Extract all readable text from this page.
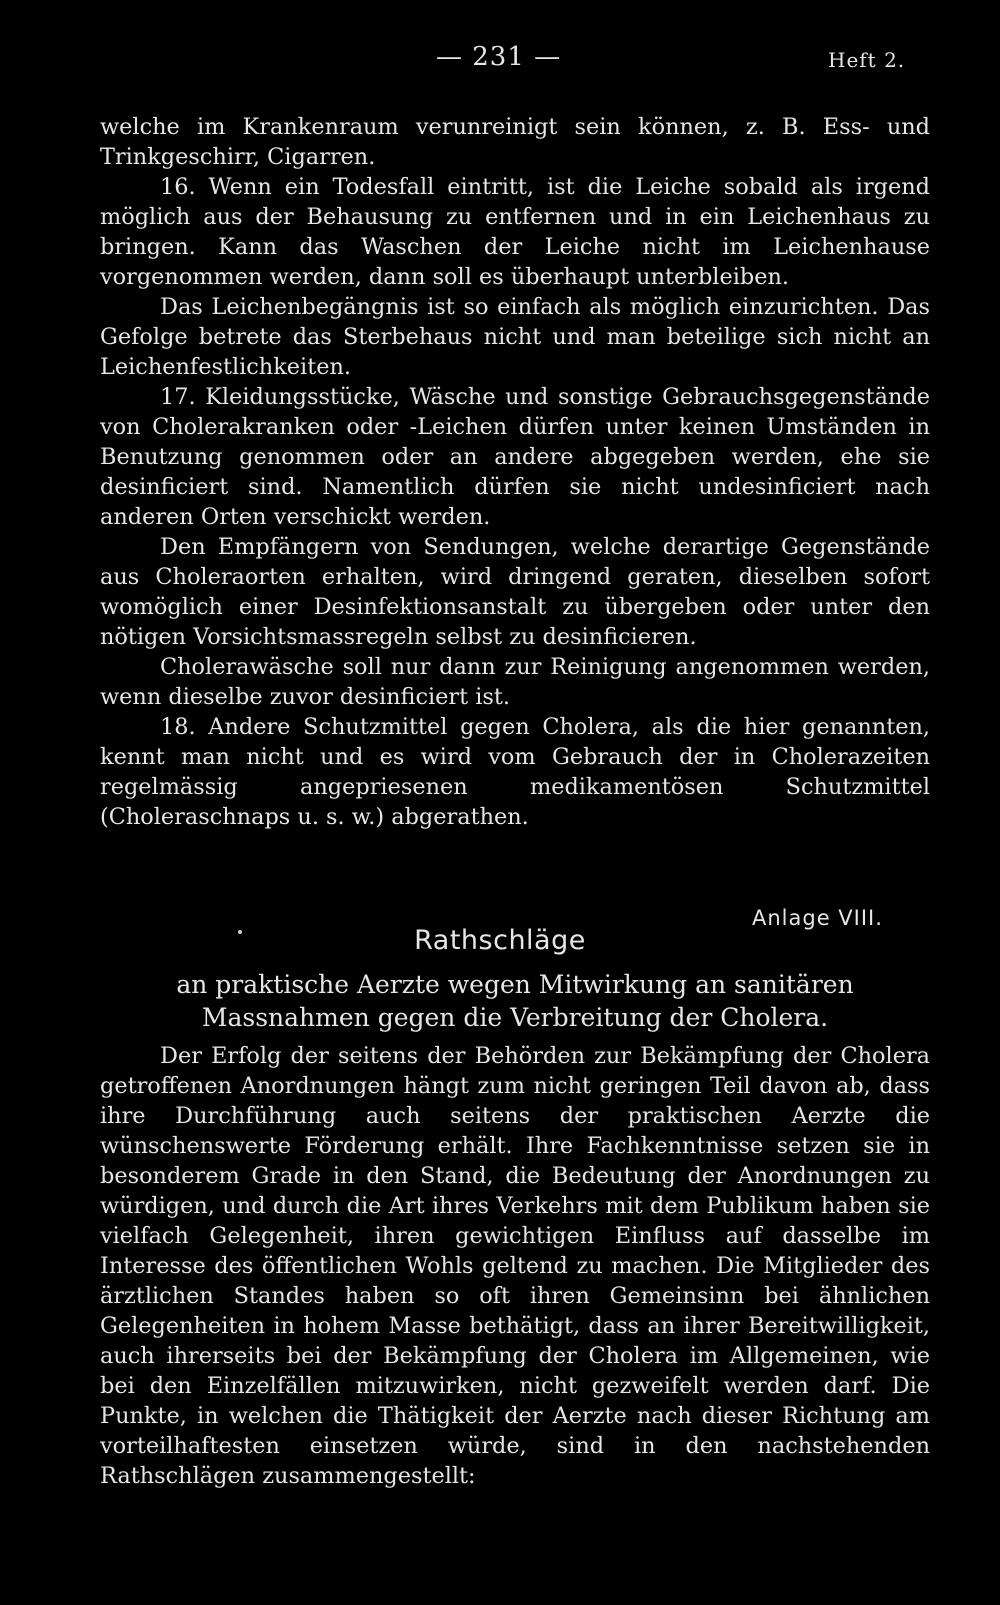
— 231 —	Heft 2.

welche im Krankenraum verunreinigt sein können, z. B. Ess- und Trinkgeschirr, Cigarren.

16. Wenn ein Todesfall eintritt, ist die Leiche sobald als irgend möglich aus der Behausung zu entfernen und in ein Leichenhaus zu bringen. Kann das Waschen der Leiche nicht im Leichenhause vorgenommen werden, dann soll es überhaupt unterbleiben.

Das Leichenbegängnis ist so einfach als möglich einzurichten. Das Gefolge betrete das Sterbehaus nicht und man beteilige sich nicht an Leichenfestlichkeiten.

17. Kleidungsstücke, Wäsche und sonstige Gebrauchsgegenstände von Cholerakranken oder -Leichen dürfen unter keinen Umständen in Benutzung genommen oder an andere abgegeben werden, ehe sie desinficiert sind. Namentlich dürfen sie nicht undesinficiert nach anderen Orten verschickt werden.

Den Empfängern von Sendungen, welche derartige Gegenstände aus Choleraorten erhalten, wird dringend geraten, dieselben sofort womöglich einer Desinfektionsanstalt zu übergeben oder unter den nötigen Vorsichtsmassregeln selbst zu desinficieren.

Cholerawäsche soll nur dann zur Reinigung angenommen werden, wenn dieselbe zuvor desinficiert ist.

18. Andere Schutzmittel gegen Cholera, als die hier genannten, kennt man nicht und es wird vom Gebrauch der in Cholerazeiten regelmässig angepriesenen medikamentösen Schutzmittel (Choleraschnaps u. s. w.) abgerathen.

Anlage VIII.
Rathschläge
an praktische Aerzte wegen Mitwirkung an sanitären Massnahmen gegen die Verbreitung der Cholera.

Der Erfolg der seitens der Behörden zur Bekämpfung der Cholera getroffenen Anordnungen hängt zum nicht geringen Teil davon ab, dass ihre Durchführung auch seitens der praktischen Aerzte die wünschenswerte Förderung erhält. Ihre Fachkenntnisse setzen sie in besonderem Grade in den Stand, die Bedeutung der Anordnungen zu würdigen, und durch die Art ihres Verkehrs mit dem Publikum haben sie vielfach Gelegenheit, ihren gewichtigen Einfluss auf dasselbe im Interesse des öffentlichen Wohls geltend zu machen. Die Mitglieder des ärztlichen Standes haben so oft ihren Gemeinsinn bei ähnlichen Gelegenheiten in hohem Masse bethätigt, dass an ihrer Bereitwilligkeit, auch ihrerseits bei der Bekämpfung der Cholera im Allgemeinen, wie bei den Einzelfällen mitzuwirken, nicht gezweifelt werden darf. Die Punkte, in welchen die Thätigkeit der Aerzte nach dieser Richtung am vorteilhaftesten einsetzen würde, sind in den nachstehenden Rathschlägen zusammengestellt:
